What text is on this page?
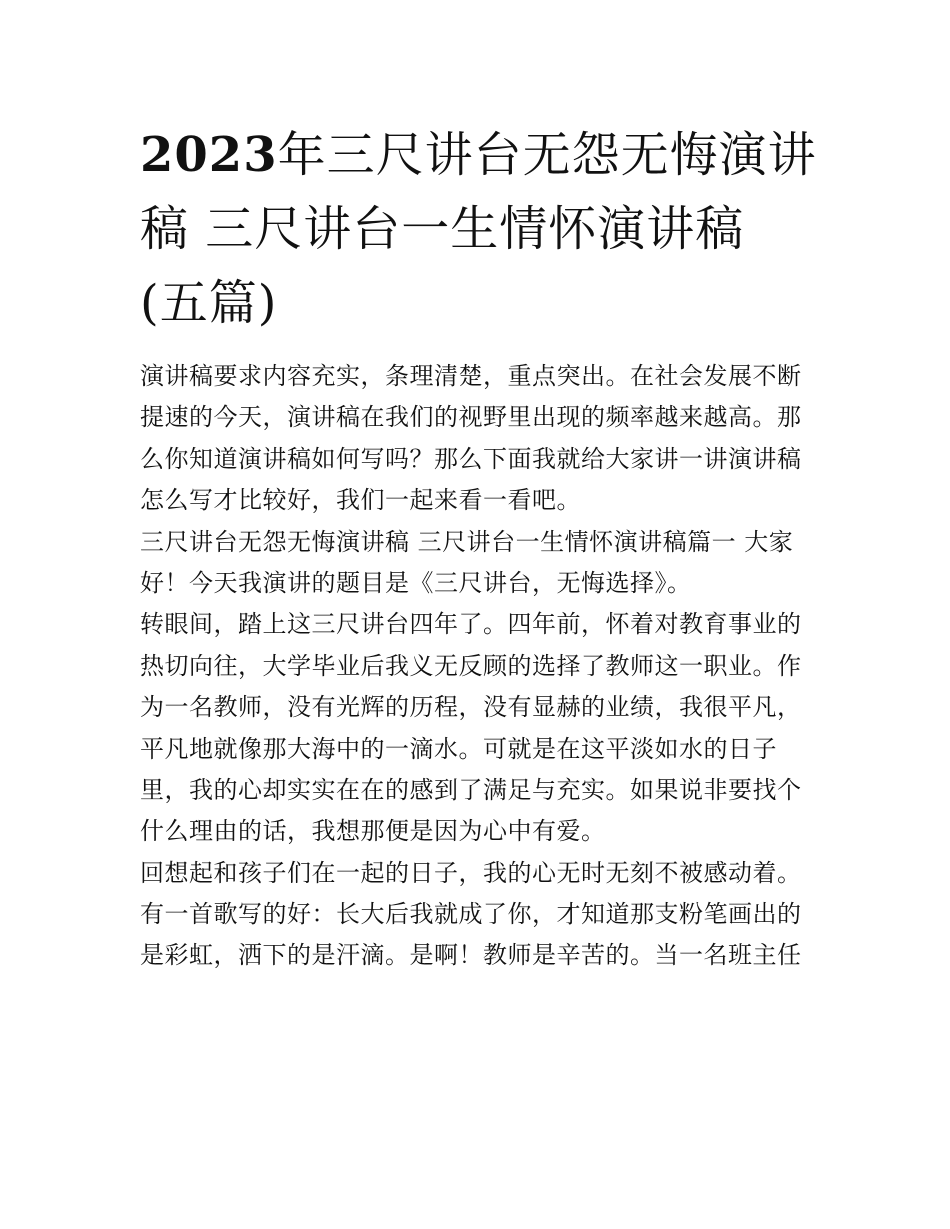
2023年三尺讲台无怨无悔演讲
稿 三尺讲台一生情怀演讲稿
(五篇)
演讲稿要求内容充实，条理清楚，重点突出。在社会发展不断
提速的今天，演讲稿在我们的视野里出现的频率越来越高。那
么你知道演讲稿如何写吗？那么下面我就给大家讲一讲演讲稿
怎么写才比较好，我们一起来看一看吧。
三尺讲台无怨无悔演讲稿 三尺讲台一生情怀演讲稿篇一 大家
好！今天我演讲的题目是《三尺讲台，无悔选择》。
转眼间，踏上这三尺讲台四年了。四年前，怀着对教育事业的
热切向往，大学毕业后我义无反顾的选择了教师这一职业。作
为一名教师，没有光辉的历程，没有显赫的业绩，我很平凡，
平凡地就像那大海中的一滴水。可就是在这平淡如水的日子
里，我的心却实实在在的感到了满足与充实。如果说非要找个
什么理由的话，我想那便是因为心中有爱。
回想起和孩子们在一起的日子，我的心无时无刻不被感动着。
有一首歌写的好：长大后我就成了你，才知道那支粉笔画出的
是彩虹，洒下的是汗滴。是啊！教师是辛苦的。当一名班主任
